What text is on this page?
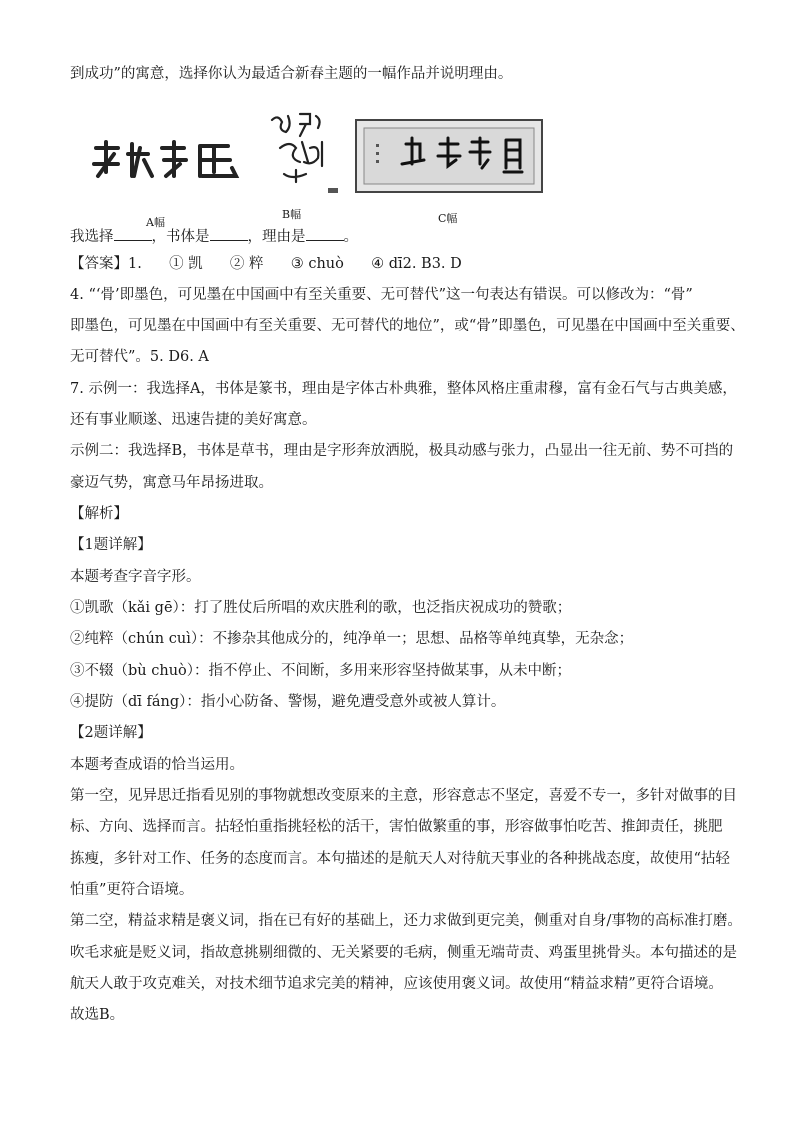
到成功”的寓意，选择你认为最适合新春主题的一幅作品并说明理由。
A幅
B幅	C幅
我选择	，书体是	，理由是	。
【答案】1. ① 凯 ② 粹 ③ chuò ④ dī2. B3. D
4. “‘骨’即墨色，可见墨在中国画中有至关重要、无可替代”这一句表达有错误。可以修改为：“骨”
即墨色，可见墨在中国画中有至关重要、无可替代的地位”，或“骨”即墨色，可见墨在中国画中至关重要、
无可替代”。5. D6. A
7. 示例一：我选择A，书体是篆书，理由是字体古朴典雅，整体风格庄重肃穆，富有金石气与古典美感，
还有事业顺遂、迅速告捷的美好寓意。
示例二：我选择B，书体是草书，理由是字形奔放洒脱，极具动感与张力，凸显出一往无前、势不可挡的
豪迈气势，寓意马年昂扬进取。
【解析】
【1题详解】
本题考查字音字形。
①凯歌（kǎi gē）：打了胜仗后所唱的欢庆胜利的歌，也泛指庆祝成功的赞歌；
②纯粹（chún cuì）：不掺杂其他成分的，纯净单一；思想、品格等单纯真挚，无杂念；
③不辍（bù chuò）：指不停止、不间断，多用来形容坚持做某事，从未中断；
④提防（dī fáng）：指小心防备、警惕，避免遭受意外或被人算计。
【2题详解】
本题考查成语的恰当运用。
第一空，见异思迁指看见别的事物就想改变原来的主意，形容意志不坚定，喜爱不专一，多针对做事的目
标、方向、选择而言。拈轻怕重指挑轻松的活干，害怕做繁重的事，形容做事怕吃苦、推卸责任，挑肥
拣瘦，多针对工作、任务的态度而言。本句描述的是航天人对待航天事业的各种挑战态度，故使用“拈轻
怕重”更符合语境。
第二空，精益求精是褒义词，指在已有好的基础上，还力求做到更完美，侧重对自身/事物的高标准打磨。
吹毛求疵是贬义词，指故意挑剔细微的、无关紧要的毛病，侧重无端苛责、鸡蛋里挑骨头。本句描述的是
航天人敢于攻克难关，对技术细节追求完美的精神，应该使用褒义词。故使用“精益求精”更符合语境。
故选B。
